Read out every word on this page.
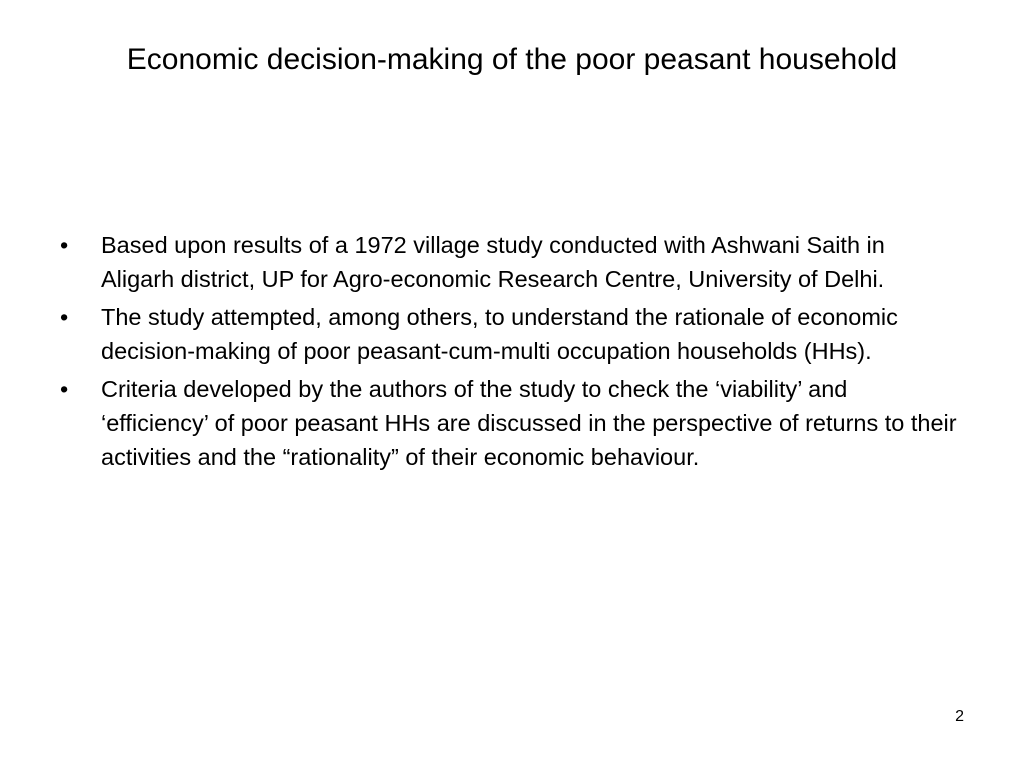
Economic decision-making of the poor peasant household
•	Based upon results of a 1972 village study conducted with Ashwani Saith in Aligarh district, UP for Agro-economic Research Centre, University of Delhi.
•	The study attempted, among others, to understand the rationale of economic decision-making of poor peasant-cum-multi occupation households (HHs).
•	Criteria developed by the authors of the study to check the ‘viability’ and ‘efficiency’ of poor peasant HHs are discussed in the perspective of returns to their activities and the “rationality” of their economic behaviour.
2
